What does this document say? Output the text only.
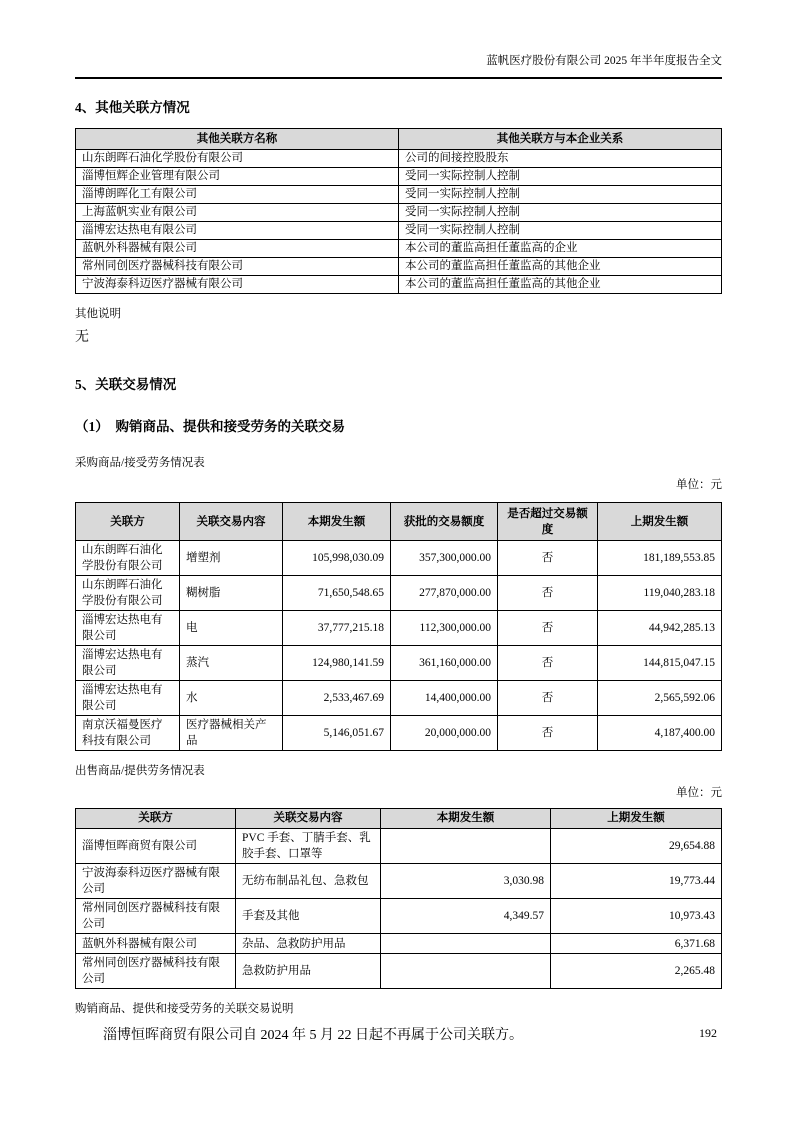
蓝帆医疗股份有限公司 2025 年半年度报告全文
4、其他关联方情况
其他关联方名称	其他关联方与本企业关系
山东朗晖石油化学股份有限公司	公司的间接控股股东
淄博恒辉企业管理有限公司	受同一实际控制人控制
淄博朗晖化工有限公司	受同一实际控制人控制
上海蓝帆实业有限公司	受同一实际控制人控制
淄博宏达热电有限公司	受同一实际控制人控制
蓝帆外科器械有限公司	本公司的董监高担任董监高的企业
常州同创医疗器械科技有限公司	本公司的董监高担任董监高的其他企业
宁波海泰科迈医疗器械有限公司	本公司的董监高担任董监高的其他企业
其他说明
无
5、关联交易情况
（1）　购销商品、提供和接受劳务的关联交易
采购商品/接受劳务情况表
单位：元
关联方	关联交易内容	本期发生额	获批的交易额度	是否超过交易额度	上期发生额
山东朗晖石油化学股份有限公司	增塑剂	105,998,030.09	357,300,000.00	否	181,189,553.85
山东朗晖石油化学股份有限公司	糊树脂	71,650,548.65	277,870,000.00	否	119,040,283.18
淄博宏达热电有限公司	电	37,777,215.18	112,300,000.00	否	44,942,285.13
淄博宏达热电有限公司	蒸汽	124,980,141.59	361,160,000.00	否	144,815,047.15
淄博宏达热电有限公司	水	2,533,467.69	14,400,000.00	否	2,565,592.06
南京沃福曼医疗科技有限公司	医疗器械相关产品	5,146,051.67	20,000,000.00	否	4,187,400.00
出售商品/提供劳务情况表
单位：元
关联方	关联交易内容	本期发生额	上期发生额
淄博恒晖商贸有限公司	PVC 手套、丁腈手套、乳胶手套、口罩等		29,654.88
宁波海泰科迈医疗器械有限公司	无纺布制品礼包、急救包	3,030.98	19,773.44
常州同创医疗器械科技有限公司	手套及其他	4,349.57	10,973.43
蓝帆外科器械有限公司	杂品、急救防护用品		6,371.68
常州同创医疗器械科技有限公司	急救防护用品		2,265.48
购销商品、提供和接受劳务的关联交易说明
淄博恒晖商贸有限公司自 2024 年 5 月 22 日起不再属于公司关联方。	192
